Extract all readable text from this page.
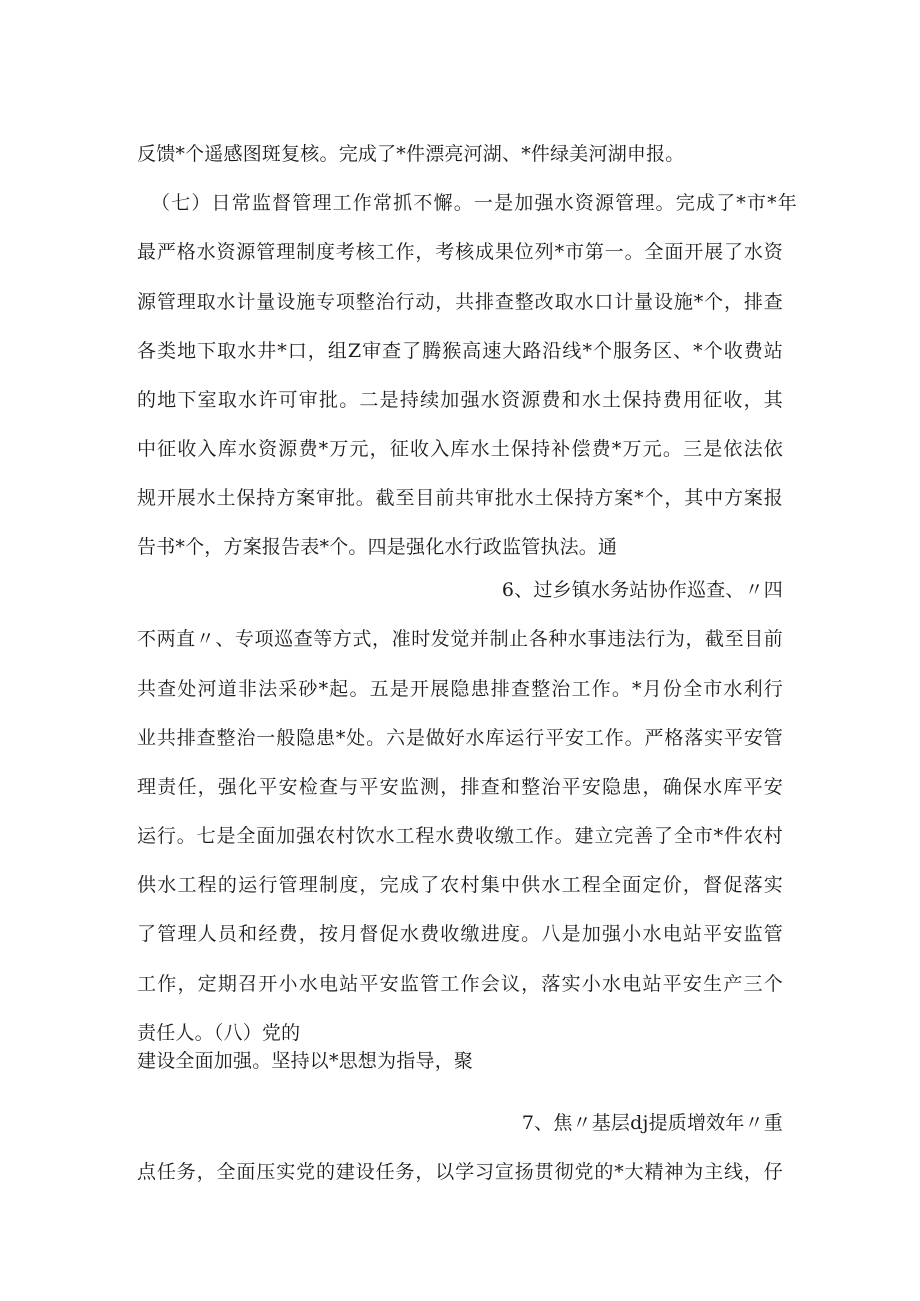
反馈*个遥感图斑复核。完成了*件漂亮河湖、*件绿美河湖申报。
（七）日常监督管理工作常抓不懈。一是加强水资源管理。完成了*市*年
最严格水资源管理制度考核工作，考核成果位列*市第一。全面开展了水资
源管理取水计量设施专项整治行动，共排查整改取水口计量设施*个，排查
各类地下取水井*口，组Z审查了腾猴高速大路沿线*个服务区、*个收费站
的地下室取水许可审批。二是持续加强水资源费和水土保持费用征收，其
中征收入库水资源费*万元，征收入库水土保持补偿费*万元。三是依法依
规开展水土保持方案审批。截至目前共审批水土保持方案*个，其中方案报
告书*个，方案报告表*个。四是强化水行政监管执法。通
6、过乡镇水务站协作巡查、〃四
不两直〃、专项巡查等方式，准时发觉并制止各种水事违法行为，截至目前
共查处河道非法采砂*起。五是开展隐患排查整治工作。*月份全市水利行
业共排查整治一般隐患*处。六是做好水库运行平安工作。严格落实平安管
理责任，强化平安检查与平安监测，排查和整治平安隐患，确保水库平安
运行。七是全面加强农村饮水工程水费收缴工作。建立完善了全市*件农村
供水工程的运行管理制度，完成了农村集中供水工程全面定价，督促落实
了管理人员和经费，按月督促水费收缴进度。八是加强小水电站平安监管
工作，定期召开小水电站平安监管工作会议，落实小水电站平安生产三个
责任人。（八）党的
建设全面加强。坚持以*思想为指导，聚
7、焦〃基层dj提质增效年〃重
点任务，全面压实党的建设任务，以学习宣扬贯彻党的*大精神为主线，仔
